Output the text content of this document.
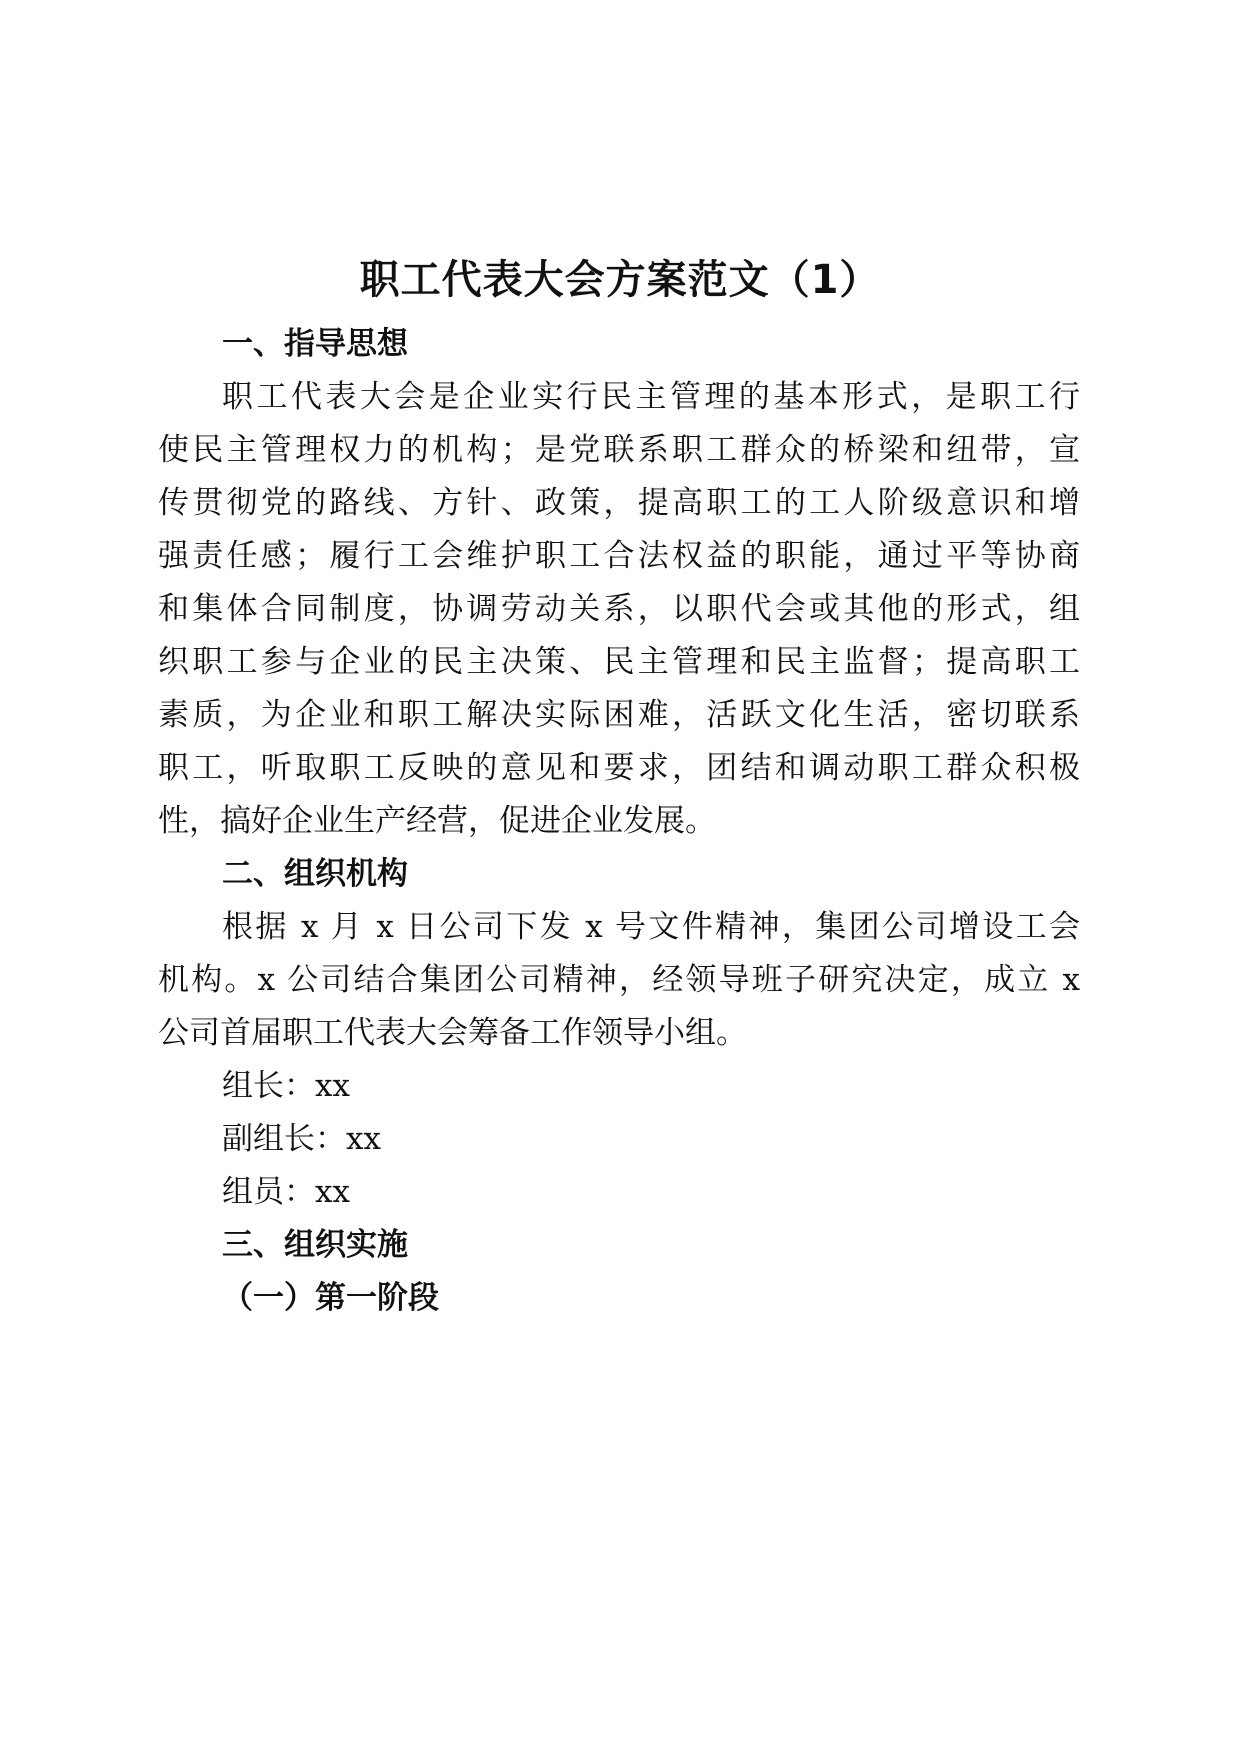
职工代表大会方案范文（1）
一、指导思想

职工代表大会是企业实行民主管理的基本形式，是职工行

使民主管理权力的机构；是党联系职工群众的桥梁和纽带，宣

传贯彻党的路线、方针、政策，提高职工的工人阶级意识和增

强责任感；履行工会维护职工合法权益的职能，通过平等协商

和集体合同制度，协调劳动关系，以职代会或其他的形式，组

织职工参与企业的民主决策、民主管理和民主监督；提高职工

素质，为企业和职工解决实际困难，活跃文化生活，密切联系

职工，听取职工反映的意见和要求，团结和调动职工群众积极

性，搞好企业生产经营，促进企业发展。

二、组织机构

根据 x 月 x 日公司下发 x 号文件精神，集团公司增设工会

机构。x 公司结合集团公司精神，经领导班子研究决定，成立 x

公司首届职工代表大会筹备工作领导小组。

组长：xx

副组长：xx

组员：xx

三、组织实施
（一）第一阶段
